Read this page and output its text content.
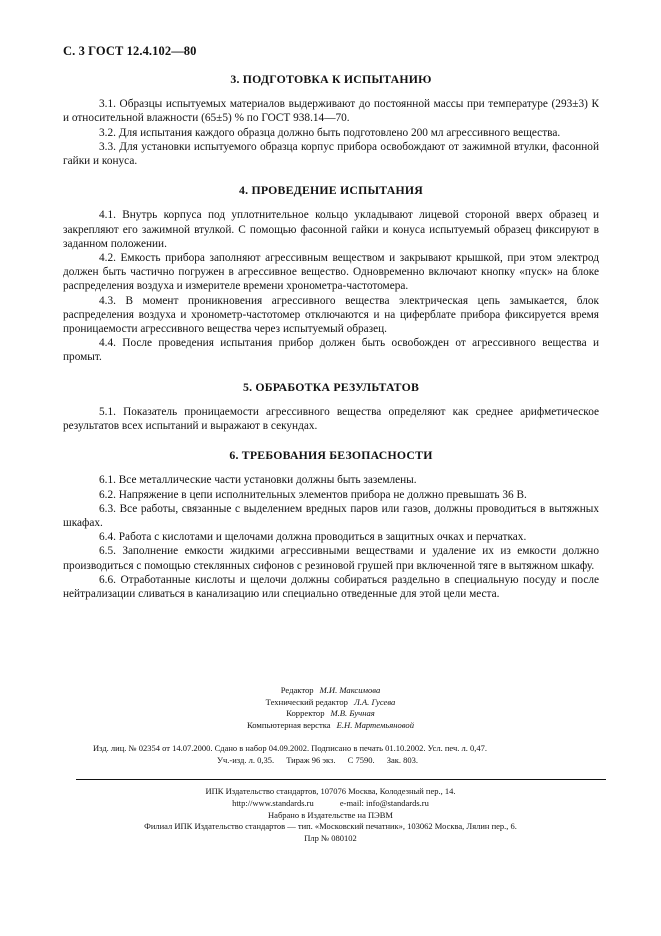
С. 3 ГОСТ 12.4.102—80
3. ПОДГОТОВКА К ИСПЫТАНИЮ

3.1. Образцы испытуемых материалов выдерживают до постоянной массы при температуре (293±3) К и относительной влажности (65±5) % по ГОСТ 938.14—70.

3.2. Для испытания каждого образца должно быть подготовлено 200 мл агрессивного вещества.

3.3. Для установки испытуемого образца корпус прибора освобождают от зажимной втулки, фасонной гайки и конуса.

4. ПРОВЕДЕНИЕ ИСПЫТАНИЯ

4.1. Внутрь корпуса под уплотнительное кольцо укладывают лицевой стороной вверх образец и закрепляют его зажимной втулкой. С помощью фасонной гайки и конуса испытуемый образец фиксируют в заданном положении.

4.2. Емкость прибора заполняют агрессивным веществом и закрывают крышкой, при этом электрод должен быть частично погружен в агрессивное вещество. Одновременно включают кнопку «пуск» на блоке распределения воздуха и измерителе времени хронометра-частотомера.

4.3. В момент проникновения агрессивного вещества электрическая цепь замыкается, блок распределения воздуха и хронометр-частотомер отключаются и на циферблате прибора фиксируется время проницаемости агрессивного вещества через испытуемый образец.

4.4. После проведения испытания прибор должен быть освобожден от агрессивного вещества и промыт.

5. ОБРАБОТКА РЕЗУЛЬТАТОВ

5.1. Показатель проницаемости агрессивного вещества определяют как среднее арифметическое результатов всех испытаний и выражают в секундах.

6. ТРЕБОВАНИЯ БЕЗОПАСНОСТИ

6.1. Все металлические части установки должны быть заземлены.

6.2. Напряжение в цепи исполнительных элементов прибора не должно превышать 36 В.

6.3. Все работы, связанные с выделением вредных паров или газов, должны проводиться в вытяжных шкафах.

6.4. Работа с кислотами и щелочами должна проводиться в защитных очках и перчатках.

6.5. Заполнение емкости жидкими агрессивными веществами и удаление их из емкости должно производиться с помощью стеклянных сифонов с резиновой грушей при включенной тяге в вытяжном шкафу.

6.6. Отработанные кислоты и щелочи должны собираться раздельно в специальную посуду и после нейтрализации сливаться в канализацию или специально отведенные для этой цели места.

Редактор М.И. Максимова
Технический редактор Л.А. Гусева
Корректор М.В. Бучная
Компьютерная верстка Е.Н. Мартемьяновой
Изд. лиц. № 02354 от 14.07.2000. Сдано в набор 04.09.2002. Подписано в печать 01.10.2002. Усл. печ. л. 0,47.
Уч.-изд. л. 0,35. Тираж 96 экз. С 7590. Зак. 803.
ИПК Издательство стандартов, 107076 Москва, Колодезный пер., 14.
http://www.standards.ru	e-mail: info@standards.ru
Набрано в Издательстве на ПЭВМ
Филиал ИПК Издательство стандартов — тип. «Московский печатник», 103062 Москва, Лялин пер., 6.
Плр № 080102
